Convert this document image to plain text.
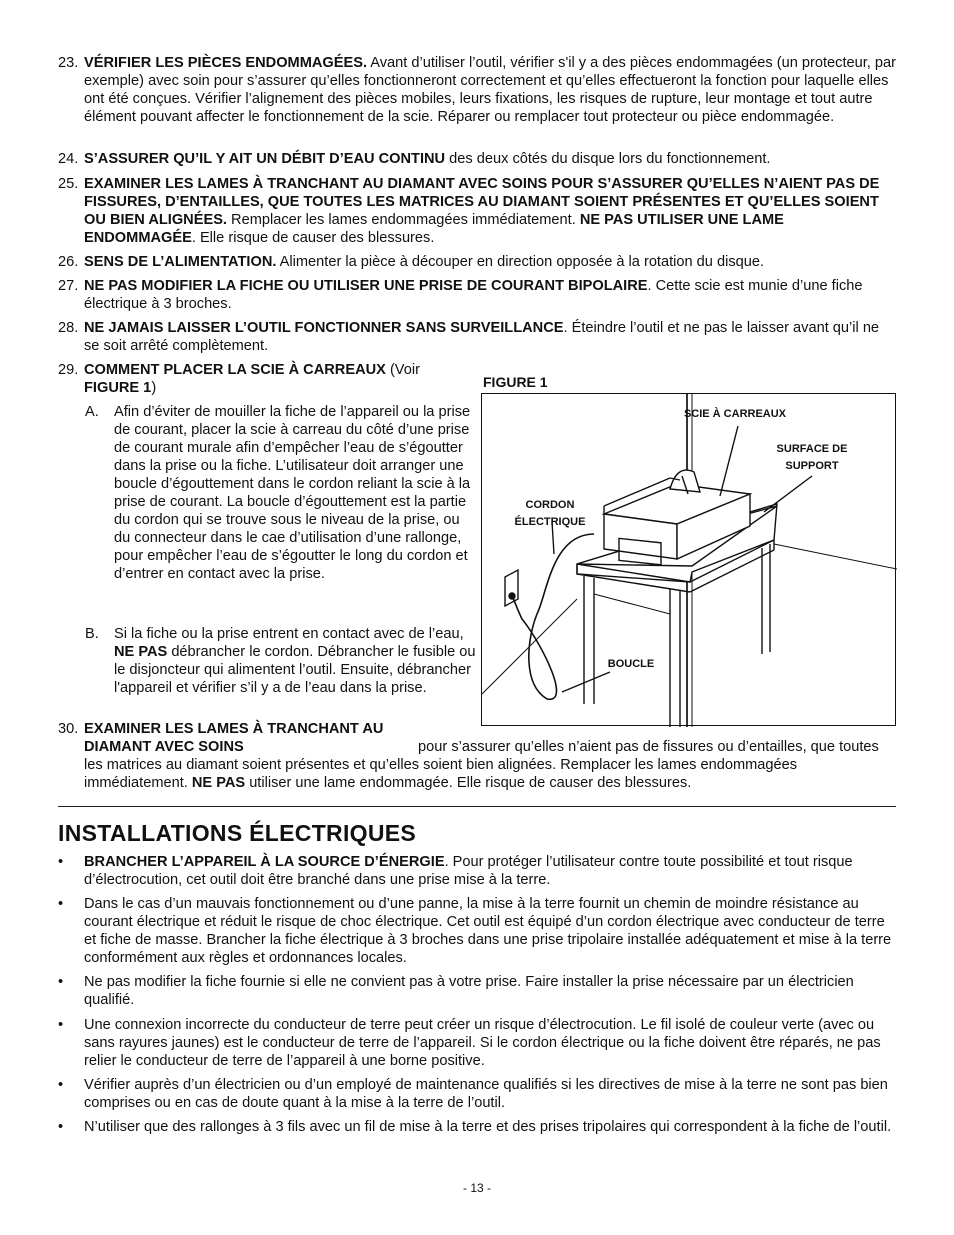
23. VÉRIFIER LES PIÈCES ENDOMMAGÉES. Avant d’utiliser l’outil, vérifier s'il y a des pièces endommagées (un protecteur, par exemple) avec soin pour s’assurer qu’elles fonctionneront correctement et qu’elles effectueront la fonction pour laquelle elles ont été conçues. Vérifier l’alignement des pièces mobiles, leurs fixations, les risques de rupture, leur montage et tout autre élément pouvant affecter le fonctionnement de la scie. Réparer ou remplacer tout protecteur ou pièce endommagée.
24. S’ASSURER QU’IL Y AIT UN DÉBIT D’EAU CONTINU des deux côtés du disque lors du fonctionnement.
25. EXAMINER LES LAMES À TRANCHANT AU DIAMANT AVEC SOINS POUR S’ASSURER QU’ELLES N’AIENT PAS DE FISSURES, D’ENTAILLES, QUE TOUTES LES MATRICES AU DIAMANT SOIENT PRÉSENTES ET QU’ELLES SOIENT OU BIEN ALIGNÉES. Remplacer les lames endommagées immédiatement. NE PAS UTILISER UNE LAME ENDOMMAGÉE. Elle risque de causer des blessures.
26. SENS DE L’ALIMENTATION. Alimenter la pièce à découper en direction opposée à la rotation du disque.
27. NE PAS MODIFIER LA FICHE OU UTILISER UNE PRISE DE COURANT BIPOLAIRE. Cette scie est munie d’une fiche électrique à 3 broches.
28. NE JAMAIS LAISSER L’OUTIL FONCTIONNER SANS SURVEILLANCE. Éteindre l’outil et ne pas le laisser avant qu’il ne se soit arrêté complètement.
29. COMMENT PLACER LA SCIE À CARREAUX (Voir FIGURE 1)
A. Afin d’éviter de mouiller la fiche de l’appareil ou la prise de courant, placer la scie à carreau du côté d’une prise de courant murale afin d’empêcher l’eau de s’égoutter dans la prise ou la fiche. L’utilisateur doit arranger une boucle d’égouttement dans le cordon reliant la scie à la prise de courant. La boucle d’égouttement est la partie du cordon qui se trouve sous le niveau de la prise, ou du connecteur dans le cae d’utilisation d’une rallonge, pour empêcher l’eau de s’égoutter le long du cordon et d’entrer en contact avec la prise.
B. Si la fiche ou la prise entrent en contact avec de l’eau, NE PAS débrancher le cordon. Débrancher le fusible ou le disjoncteur qui alimentent l’outil. Ensuite, débrancher l'appareil et vérifier s’il y a de l’eau dans la prise.
30. EXAMINER LES LAMES À TRANCHANT AU DIAMANT AVEC SOINS	pour s’assurer qu’elles n’aient pas de fissures ou d’entailles, que toutes les matrices au diamant soient présentes et qu’elles soient bien alignées. Remplacer les lames endommagées immédiatement. NE PAS utiliser une lame endommagée. Elle risque de causer des blessures.
FIGURE 1
SCIE À CARREAUX
SURFACE DE
SUPPORT
CORDON
ÉLECTRIQUE
BOUCLE
INSTALLATIONS ÉLECTRIQUES
• BRANCHER L’APPAREIL À LA SOURCE D’ÉNERGIE. Pour protéger l’utilisateur contre toute possibilité et tout risque d’électrocution, cet outil doit être branché dans une prise mise à la terre.
• Dans le cas d’un mauvais fonctionnement ou d’une panne, la mise à la terre fournit un chemin de moindre résistance au courant électrique et réduit le risque de choc électrique. Cet outil est équipé d’un cordon électrique avec conducteur de terre et fiche de masse. Brancher la fiche électrique à 3 broches dans une prise tripolaire installée adéquatement et mise à la terre conformément aux règles et ordonnances locales.
• Ne pas modifier la fiche fournie si elle ne convient pas à votre prise. Faire installer la prise nécessaire par un électricien qualifié.
• Une connexion incorrecte du conducteur de terre peut créer un risque d’électrocution. Le fil isolé de couleur verte (avec ou sans rayures jaunes) est le conducteur de terre de l’appareil. Si le cordon électrique ou la fiche doivent être réparés, ne pas relier le conducteur de terre de l’appareil à une borne positive.
• Vérifier auprès d’un électricien ou d’un employé de maintenance qualifiés si les directives de mise à la terre ne sont pas bien comprises ou en cas de doute quant à la mise à la terre de l’outil.
• N’utiliser que des rallonges à 3 fils avec un fil de mise à la terre et des prises tripolaires qui correspondent à la fiche de l’outil.
- 13 -
